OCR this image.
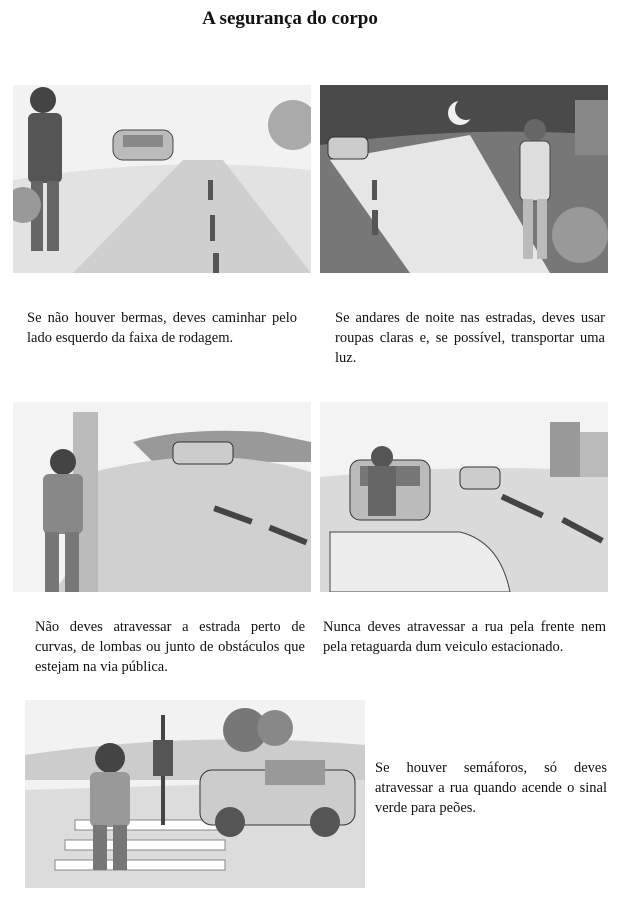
A segurança do corpo
Se não houver bermas, deves caminhar pelo lado esquerdo da faixa de rodagem.
Se andares de noite nas estradas, deves usar roupas claras e, se possível, transportar uma luz.
Não deves atravessar a estrada perto de curvas, de lombas ou junto de obstáculos que estejam na via pública.
Nunca deves atravessar a rua pela frente nem pela retaguarda dum veiculo estacionado.
Se houver semáforos, só deves atravessar a rua quando acende o sinal verde para peões.
